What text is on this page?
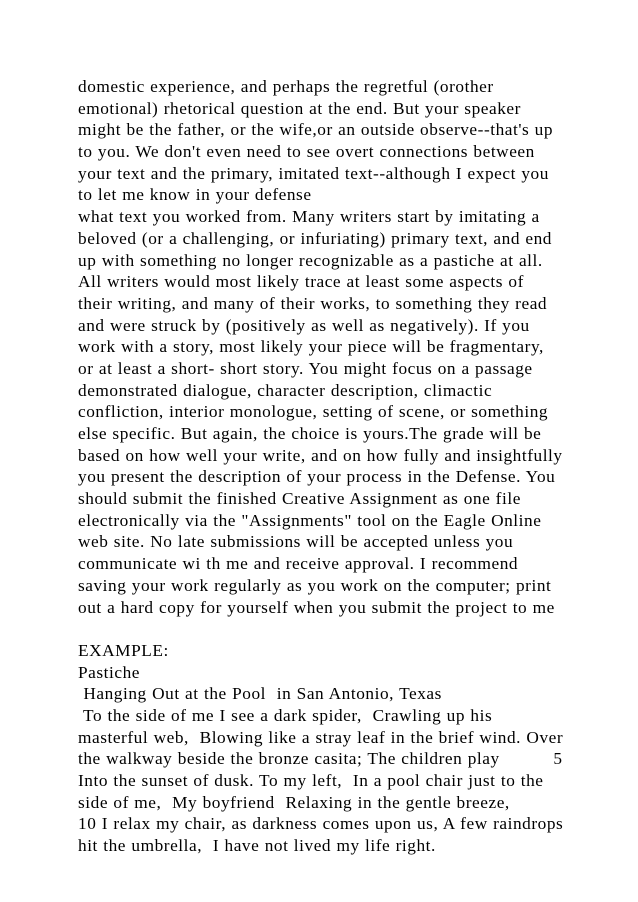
domestic experience, and perhaps the regretful (orother
emotional) rhetorical question at the end. But your speaker
might be the father, or the wife,or an outside observe--that's up
to you. We don't even need to see overt connections between
your text and the primary, imitated text--although I expect you
to let me know in your defense
what text you worked from. Many writers start by imitating a
beloved (or a challenging, or infuriating) primary text, and end
up with something no longer recognizable as a pastiche at all.
All writers would most likely trace at least some aspects of
their writing, and many of their works, to something they read
and were struck by (positively as well as negatively). If you
work with a story, most likely your piece will be fragmentary,
or at least a short- short story. You might focus on a passage
demonstrated dialogue, character description, climactic
confliction, interior monologue, setting of scene, or something
else specific. But again, the choice is yours.The grade will be
based on how well your write, and on how fully and insightfully
you present the description of your process in the Defense. You
should submit the finished Creative Assignment as one file
electronically via the "Assignments" tool on the Eagle Online
web site. No late submissions will be accepted unless you
communicate wi th me and receive approval. I recommend
saving your work regularly as you work on the computer; print
out a hard copy for yourself when you submit the project to me
EXAMPLE:
Pastiche
Hanging Out at the Pool  in San Antonio, Texas
To the side of me I see a dark spider,  Crawling up his
masterful web,  Blowing like a stray leaf in the brief wind. Over
the walkway beside the bronze casita; The children play          5
Into the sunset of dusk. To my left,  In a pool chair just to the
side of me,  My boyfriend  Relaxing in the gentle breeze,
10 I relax my chair, as darkness comes upon us, A few raindrops
hit the umbrella,  I have not lived my life right.
